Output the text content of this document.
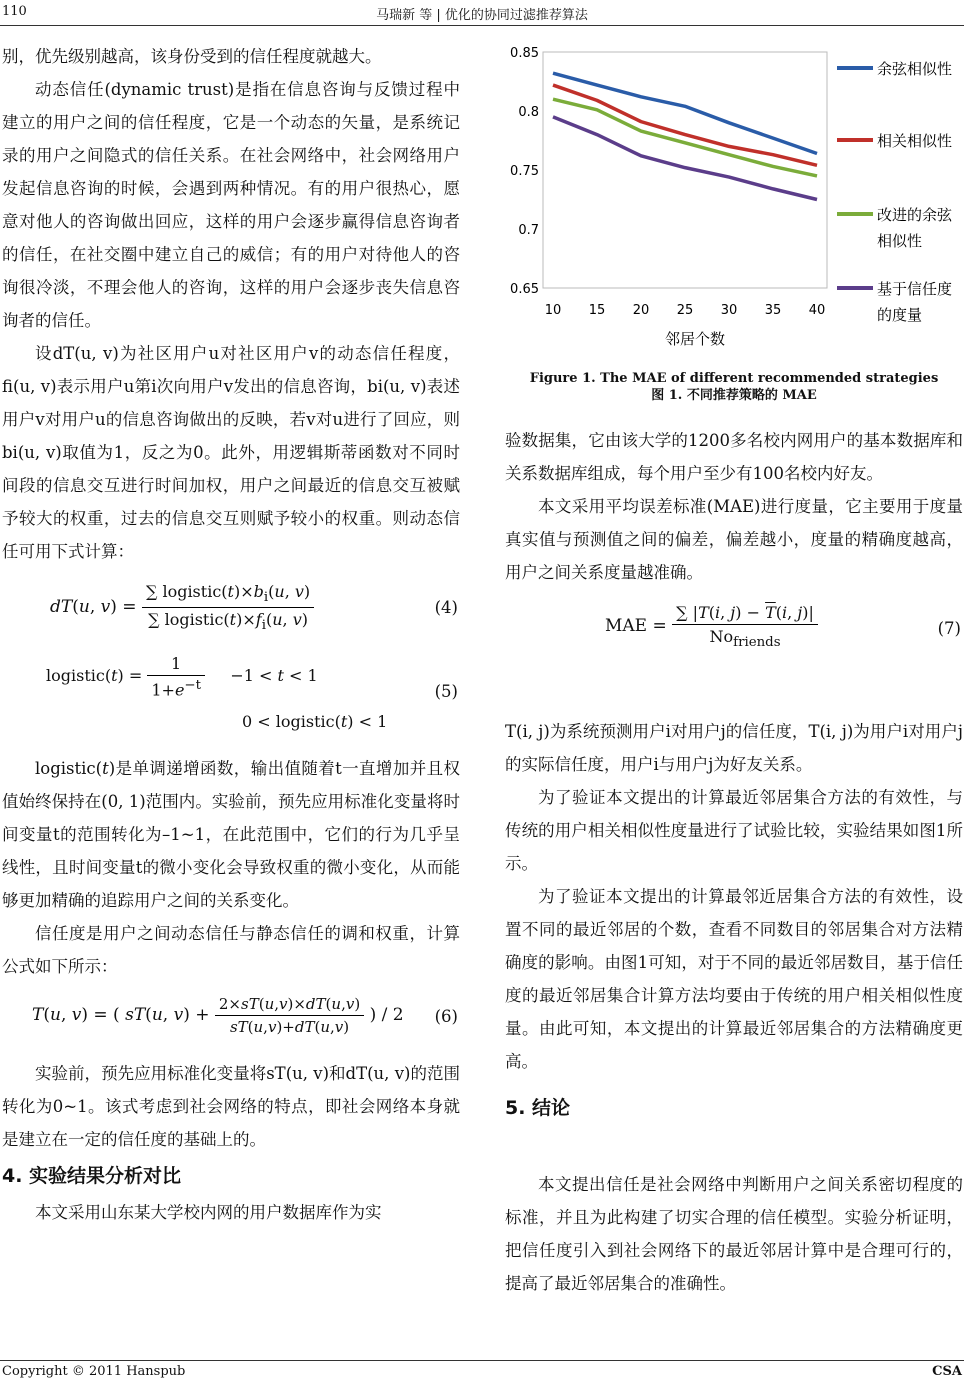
110	马瑞新 等 | 优化的协同过滤推荐算法

别，优先级别越高，该身份受到的信任程度就越大。

动态信任(dynamic trust)是指在信息咨询与反馈过程中建立的用户之间的信任程度，它是一个动态的矢量，是系统记录的用户之间隐式的信任关系。在社会网络中，社会网络用户发起信息咨询的时候，会遇到两种情况。有的用户很热心，愿意对他人的咨询做出回应，这样的用户会逐步赢得信息咨询者的信任，在社交圈中建立自己的威信；有的用户对待他人的咨询很冷淡，不理会他人的咨询，这样的用户会逐步丧失信息咨询者的信任。

设dT(u, v)为社区用户u对社区用户v的动态信任程度，fi(u, v)表示用户u第i次向用户v发出的信息咨询，bi(u, v)表述用户v对用户u的信息咨询做出的反映，若v对u进行了回应，则bi(u, v)取值为1，反之为0。此外，用逻辑斯蒂函数对不同时间段的信息交互进行时间加权，用户之间最近的信息交互被赋予较大的权重，过去的信息交互则赋予较小的权重。则动态信任可用下式计算：

dT(u, $v) = \frac{\sum logistic(t)\times b_i(u, v)}{\sum logistic(t)\times f_i(u, v)}$	(4)
logistic(t) = $\frac{1}{1+e^{-t}} -1 < t < 1$
0 < logistic(t) < 1
(5)

logistic(t)是单调递增函数，输出值随着t一直增加并且权值始终保持在(0, 1)范围内。实验前，预先应用标准化变量将时间变量t的范围转化为–1~1，在此范围中，它们的行为几乎呈线性，且时间变量t的微小变化会导致权重的微小变化，从而能够更加精确的追踪用户之间的关系变化。

信任度是用户之间动态信任与静态信任的调和权重，计算公式如下所示：

T(u, v) = ( sT(u, $v) + \frac{2\times sT(u,v)\times dT(u,v)}{sT(u,v)+dT(u,v)}$ ) / 2 (6)

实验前，预先应用标准化变量将sT(u, v)和dT(u, v)的范围转化为0~1。该式考虑到社会网络的特点，即社会网络本身就是建立在一定的信任度的基础上的。

4. 实验结果分析对比

本文采用山东某大学校内网的用户数据库作为实

0.65
0.7
0.75
0.8
0.85
10 15 20 25 30 35 40
邻居个数
余弦相似性
相关相似性
改进的余弦相似性
基于信任度的度量
Figure 1. The MAE of different recommended strategies
图 1. 不同推荐策略的 MAE

验数据集，它由该大学的1200多名校内网用户的基本数据库和关系数据库组成，每个用户至少有100名校内好友。

本文采用平均误差标准(MAE)进行度量，它主要用于度量真实值与预测值之间的偏差，偏差越小，度量的精确度越高，用户之间关系度量越准确。

MAE = $\frac{\sum |T(i, j) - \overline{T}(i, j)|}{No_{friends}}$	(7)

T(i, j)为系统预测用户i对用户j的信任度，T(i, j)为用户i对用户j的实际信任度，用户i与用户j为好友关系。

为了验证本文提出的计算最近邻居集合方法的有效性，与传统的用户相关相似性度量进行了试验比较，实验结果如图1所示。

为了验证本文提出的计算最邻近居集合方法的有效性，设置不同的最近邻居的个数，查看不同数目的邻居集合对方法精确度的影响。由图1可知，对于不同的最近邻居数目，基于信任度的最近邻居集合计算方法均要由于传统的用户相关相似性度量。由此可知，本文提出的计算最近邻居集合的方法精确度更高。

5. 结论

本文提出信任是社会网络中判断用户之间关系密切程度的标准，并且为此构建了切实合理的信任模型。实验分析证明，把信任度引入到社会网络下的最近邻居计算中是合理可行的，提高了最近邻居集合的准确性。

Copyright © 2011 Hanspub	CSA
